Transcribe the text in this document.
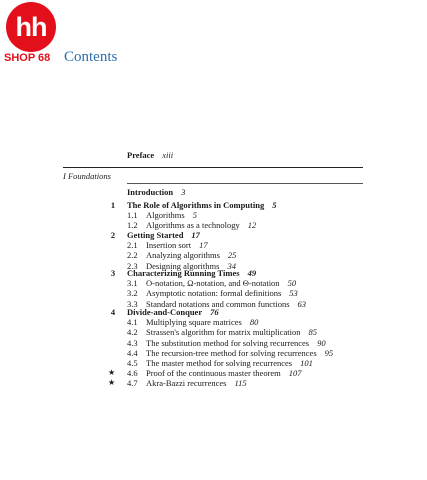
hh
SHOP 68 Contents
Preface xiii
I Foundations
Introduction 3
1	The Role of Algorithms in Computing 5
1.1 Algorithms 5
1.2 Algorithms as a technology 12
2	Getting Started 17
2.1 Insertion sort 17
2.2 Analyzing algorithms 25
2.3 Designing algorithms 34
3	Characterizing Running Times 49
3.1 O-notation, Ω-notation, and Θ-notation 50
3.2 Asymptotic notation: formal definitions 53
3.3 Standard notations and common functions 63
4	Divide-and-Conquer 76
4.1 Multiplying square matrices 80
4.2 Strassen's algorithm for matrix multiplication 85
4.3 The substitution method for solving recurrences 90
4.4 The recursion-tree method for solving recurrences 95
4.5 The master method for solving recurrences 101
★ 4.6 Proof of the continuous master theorem 107
★ 4.7 Akra-Bazzi recurrences 115
